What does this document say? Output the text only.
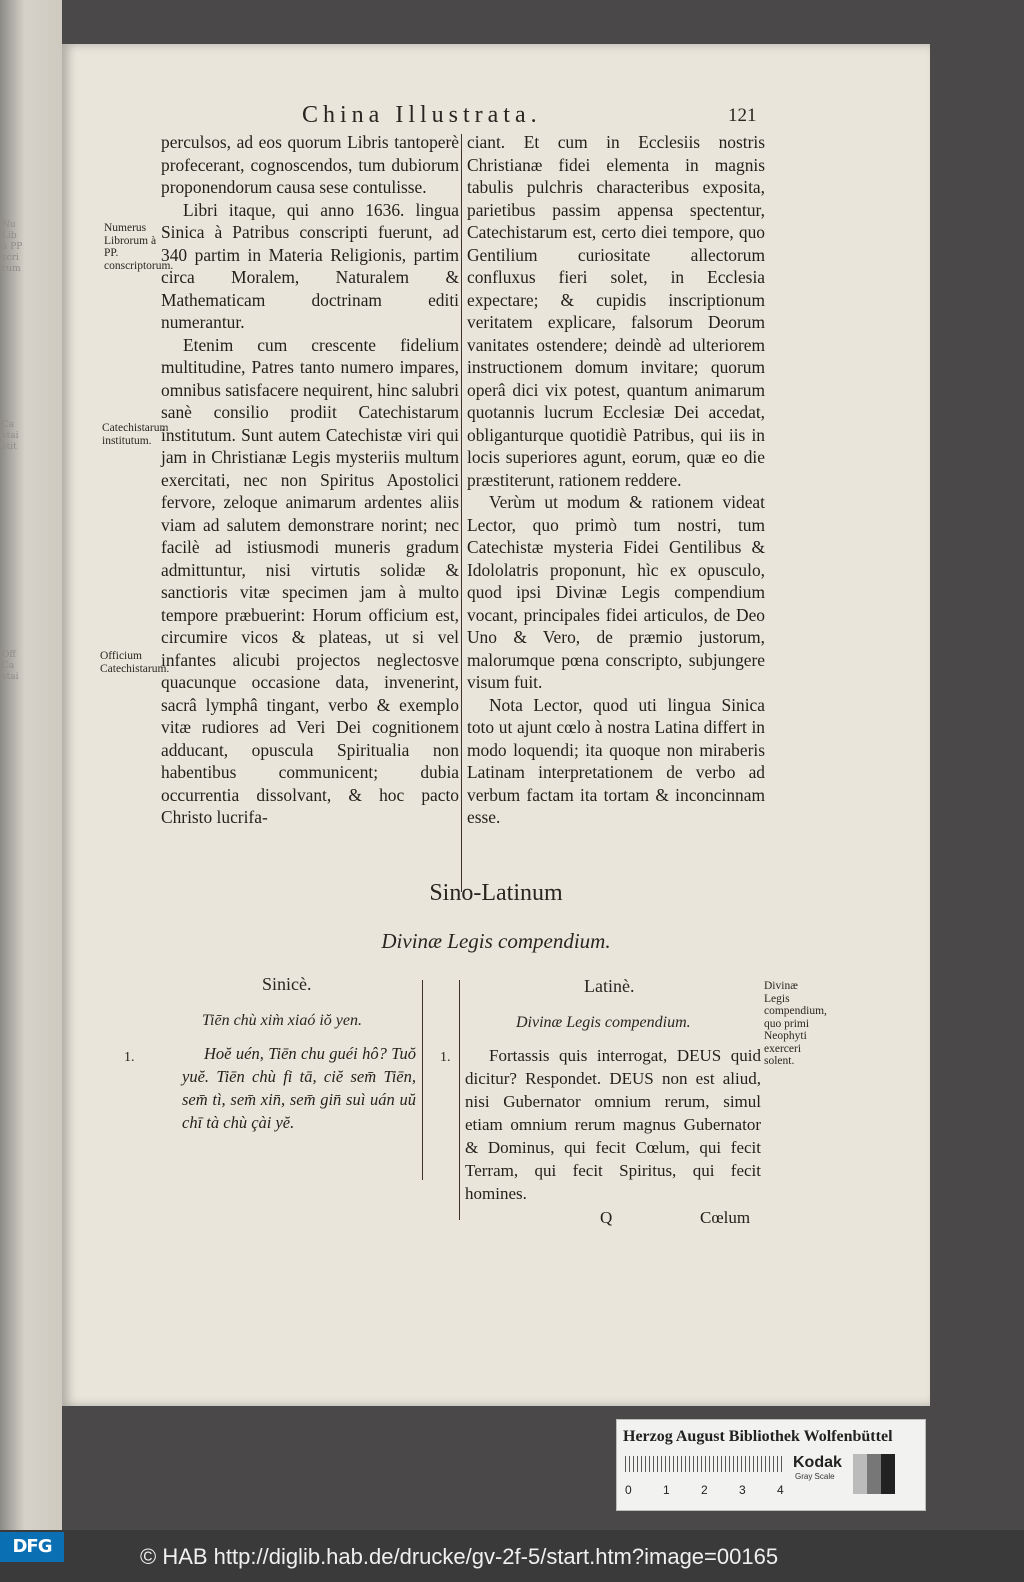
Nu
Lib
à PP
scri
rum
Ca
stai
stit
Off
Ca
stai
China Illustrata.	121

perculsos, ad eos quorum Libris tantoperè profecerant, cognoscendos, tum dubiorum proponendorum causa sese contulisse.

Libri itaque, qui anno 1636. lingua Sinica à Patribus conscripti fuerunt, ad 340 partim in Materia Religionis, partim circa Moralem, Naturalem & Mathematicam doctrinam editi numerantur.

Etenim cum crescente fidelium multitudine, Patres tanto numero impares, omnibus satisfacere nequirent, hinc salubri sanè consilio prodiit Catechistarum institutum. Sunt autem Catechistæ viri qui jam in Christianæ Legis mysteriis multum exercitati, nec non Spiritus Apostolici fervore, zeloque animarum ardentes aliis viam ad salutem demonstrare norint; nec facilè ad istiusmodi muneris gradum admittuntur, nisi virtutis solidæ & sanctioris vitæ specimen jam à multo tempore præbuerint: Horum officium est, circumire vicos & plateas, ut si vel infantes alicubi projectos neglectosve quacunque occasione data, invenerint, sacrâ lymphâ tingant, verbo & exemplo vitæ rudiores ad Veri Dei cognitionem adducant, opuscula Spiritualia non habentibus communicent; dubia occurrentia dissolvant, & hoc pacto Christo lucrifa-

ciant. Et cum in Ecclesiis nostris Christianæ fidei elementa in magnis tabulis pulchris characteribus exposita, parietibus passim appensa spectentur, Catechistarum est, certo diei tempore, quo Gentilium curiositate allectorum confluxus fieri solet, in Ecclesia expectare; & cupidis inscriptionum veritatem explicare, falsorum Deorum vanitates ostendere; deindè ad ulteriorem instructionem domum invitare; quorum operâ dici vix potest, quantum animarum quotannis lucrum Ecclesiæ Dei accedat, obliganturque quotidiè Patribus, qui iis in locis superiores agunt, eorum, quæ eo die præstiterunt, rationem reddere.

Verùm ut modum & rationem videat Lector, quo primò tum nostri, tum Catechistæ mysteria Fidei Gentilibus & Idololatris proponunt, hìc ex opusculo, quod ipsi Divinæ Legis compendium vocant, principales fidei articulos, de Deo Uno & Vero, de præmio justorum, malorumque pœna conscripto, subjungere visum fuit.

Nota Lector, quod uti lingua Sinica toto ut ajunt cœlo à nostra Latina differt in modo loquendi; ita quoque non miraberis Latinam interpretationem de verbo ad verbum factam ita tortam & inconcinnam esse.

Numerus Librorum à PP. conscriptorum.
Catechistarum institutum.
Officium Catechistarum.
Sino-Latinum
Divinæ Legis compendium.
Sinicè.	Latinè.
Tiēn chù xim̀ xiaó iŏ yen.	Divinæ Legis compendium.
1.	1.
Hoĕ uén, Tiēn chu guéi hô? Tuŏ yuĕ. Tiēn chù fi tā, ciĕ sem̄ Tiēn, sem̄ tì, sem̄ xin̄, sem̄ gin̄ suì uán uŭ chī tà chù çài yĕ.
Fortassis quis interrogat, DEUS quid dicitur? Respondet. DEUS non est aliud, nisi Gubernator omnium rerum, simul etiam omnium rerum magnus Gubernator & Dominus, qui fecit Cœlum, qui fecit Terram, qui fecit Spiritus, qui fecit homines.
Divinæ Legis compendium, quo primi Neophyti exerceri solent.
Q	Cœlum
Herzog August Bibliothek Wolfenbüttel
0	1	2	3	4
Kodak
Gray Scale
DFG	© HAB http://diglib.hab.de/drucke/gv-2f-5/start.htm?image=00165
